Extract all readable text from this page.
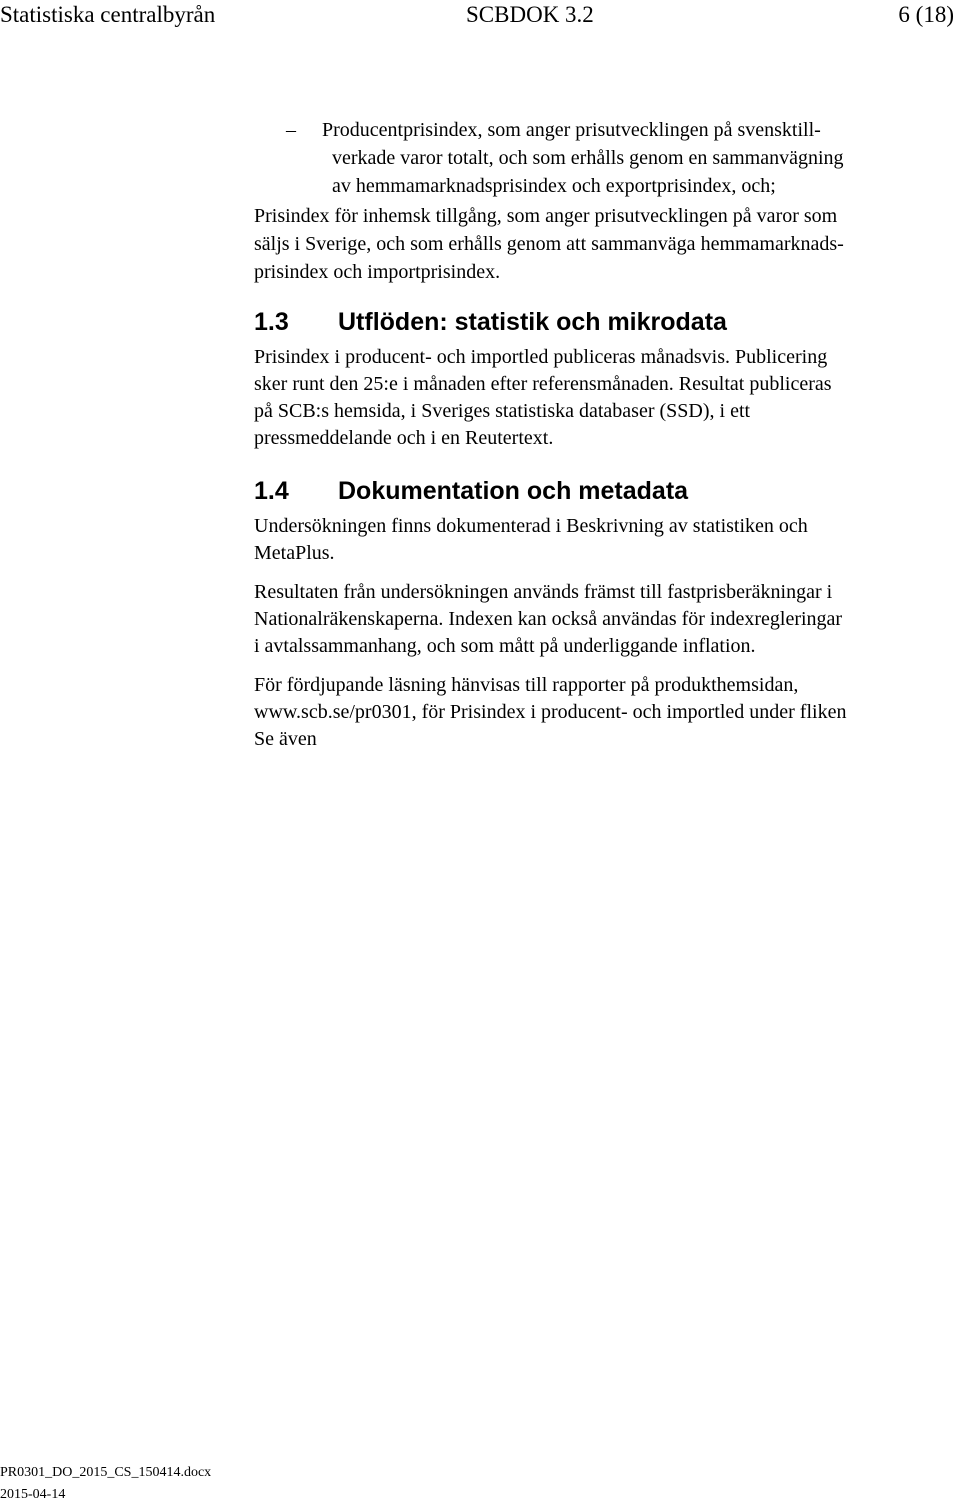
Statistiska centralbyrån	SCBDOK 3.2	6 (18)
–	Producentprisindex, som anger prisutvecklingen på svensktill-
verkade varor totalt, och som erhålls genom en sammanvägning
av hemmamarknadsprisindex och exportprisindex, och;
Prisindex för inhemsk tillgång, som anger prisutvecklingen på varor som
säljs i Sverige, och som erhålls genom att sammanväga hemmamarknads-
prisindex och importprisindex.
1.3 Utflöden: statistik och mikrodata
Prisindex i producent- och importled publiceras månadsvis. Publicering
sker runt den 25:e i månaden efter referensmånaden. Resultat publiceras
på SCB:s hemsida, i Sveriges statistiska databaser (SSD), i ett
pressmeddelande och i en Reutertext.
1.4 Dokumentation och metadata
Undersökningen finns dokumenterad i Beskrivning av statistiken och
MetaPlus.
Resultaten från undersökningen används främst till fastprisberäkningar i
Nationalräkenskaperna. Indexen kan också användas för indexregleringar
i avtalssammanhang, och som mått på underliggande inflation.
För fördjupande läsning hänvisas till rapporter på produkthemsidan,
www.scb.se/pr0301, för Prisindex i producent- och importled under fliken
Se även
PR0301_DO_2015_CS_150414.docx
2015-04-14
